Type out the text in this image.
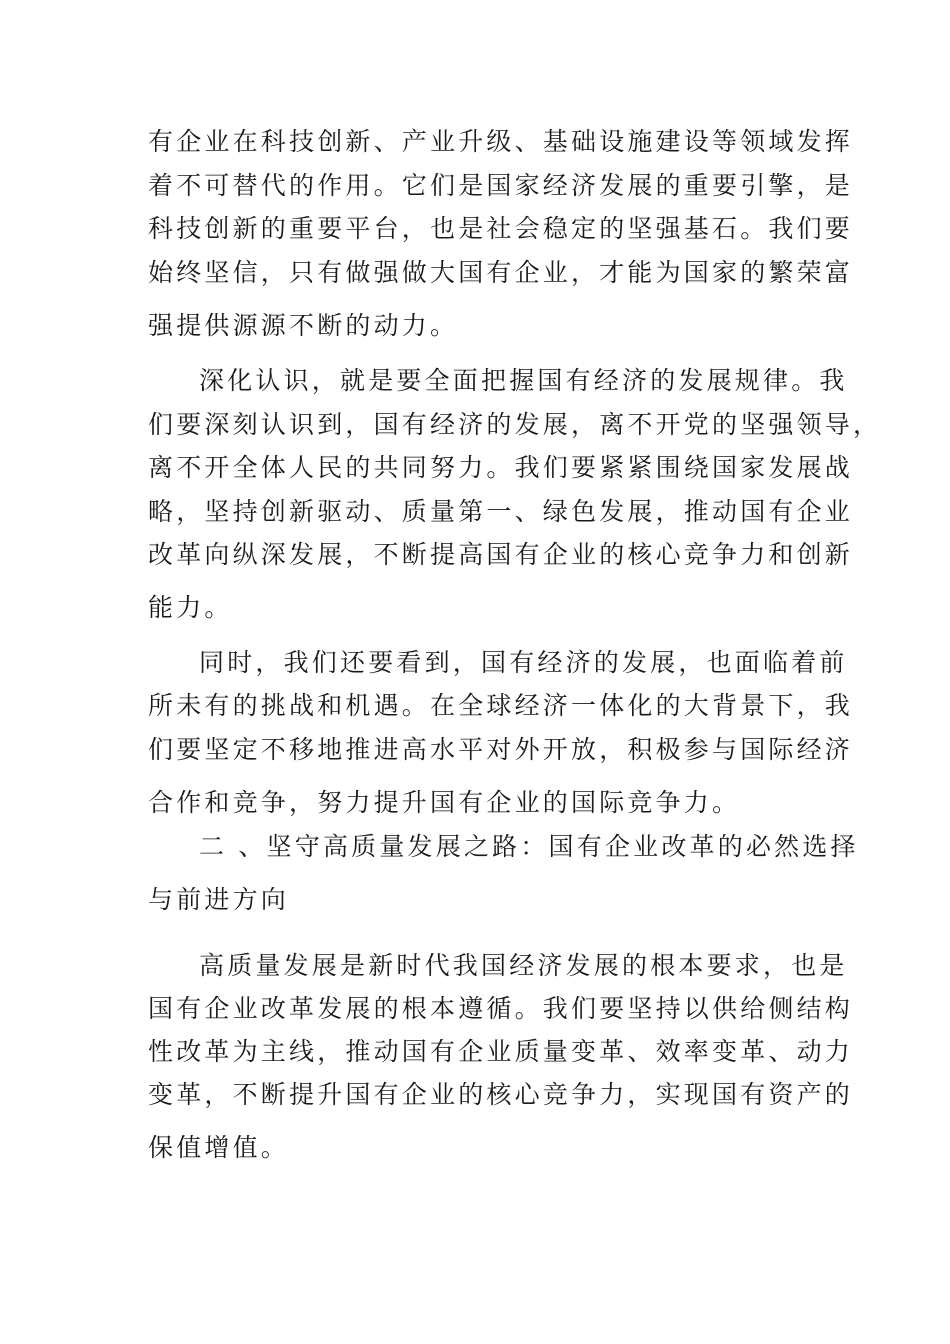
有企业在科技创新、产业升级、基础设施建设等领域发挥
着不可替代的作用。它们是国家经济发展的重要引擎，是
科技创新的重要平台，也是社会稳定的坚强基石。我们要
始终坚信，只有做强做大国有企业，才能为国家的繁荣富
强提供源源不断的动力。
深化认识，就是要全面把握国有经济的发展规律。我
们要深刻认识到，国有经济的发展，离不开党的坚强领导，
离不开全体人民的共同努力。我们要紧紧围绕国家发展战
略，坚持创新驱动、质量第一、绿色发展，推动国有企业
改革向纵深发展，不断提高国有企业的核心竞争力和创新
能力。
同时，我们还要看到，国有经济的发展，也面临着前
所未有的挑战和机遇。在全球经济一体化的大背景下，我
们要坚定不移地推进高水平对外开放，积极参与国际经济
合作和竞争，努力提升国有企业的国际竞争力。
二 、坚守高质量发展之路：国有企业改革的必然选择
与前进方向
高质量发展是新时代我国经济发展的根本要求，也是
国有企业改革发展的根本遵循。我们要坚持以供给侧结构
性改革为主线，推动国有企业质量变革、效率变革、动力
变革，不断提升国有企业的核心竞争力，实现国有资产的
保值增值。
